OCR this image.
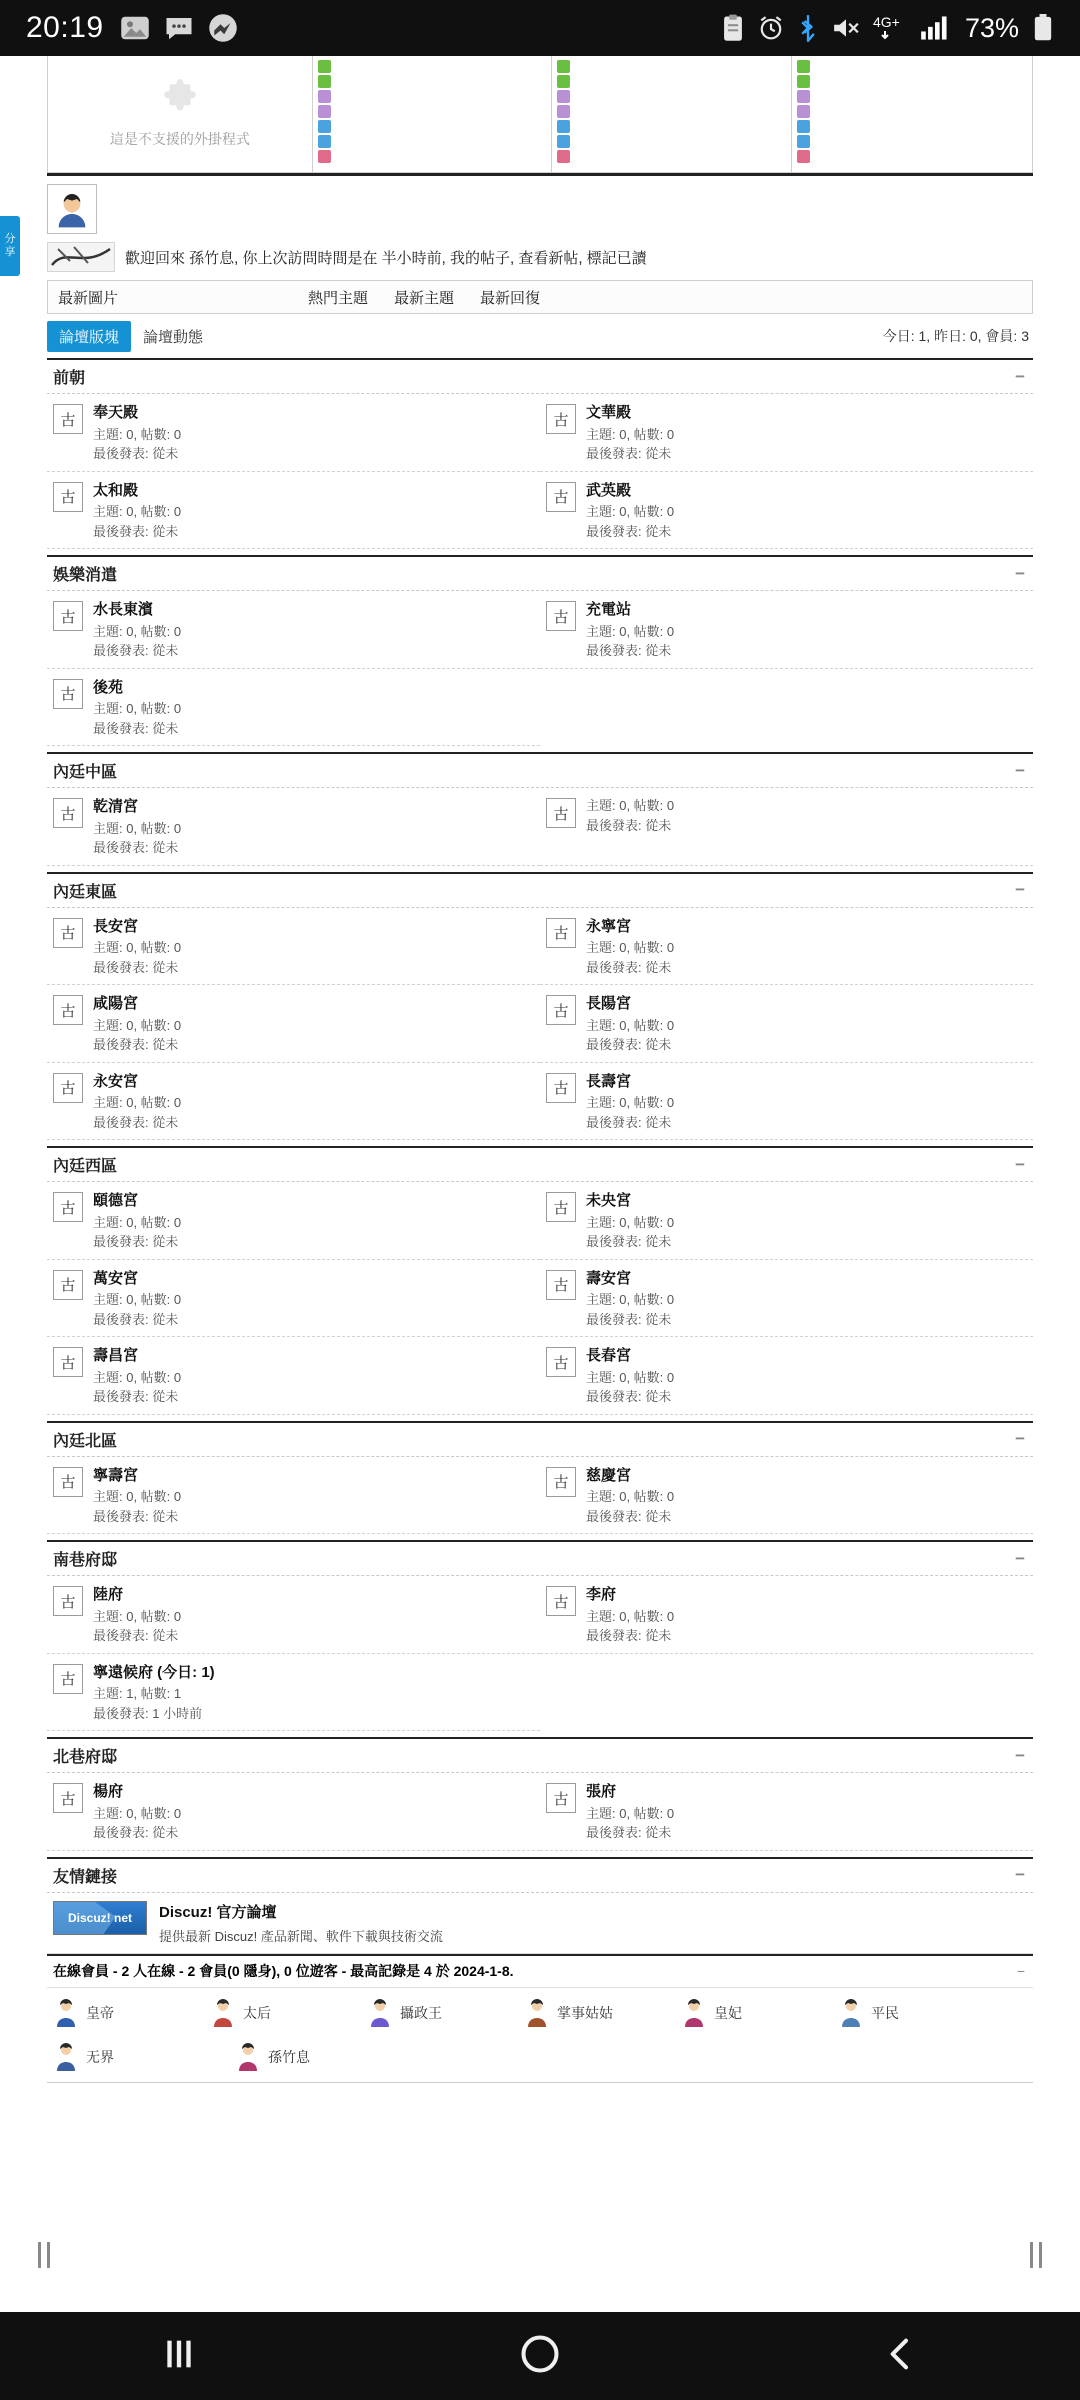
20:19	4G+ 73%
分享
這是不支援的外掛程式
歡迎回來 孫竹息, 你上次訪問時間是在 半小時前, 我的帖子, 查看新帖, 標記已讀
最新圖片	熱門主題 最新主題 最新回復
論壇版塊	論壇動態	今日: 1, 昨日: 0, 會員: 3
前朝	−
古	奉天殿
主題: 0, 帖數: 0
最後發表: 從未
古	文華殿
主題: 0, 帖數: 0
最後發表: 從未
古	太和殿
主題: 0, 帖數: 0
最後發表: 從未
古	武英殿
主題: 0, 帖數: 0
最後發表: 從未
娛樂消遣	−
古	水長東濱
主題: 0, 帖數: 0
最後發表: 從未
古	充電站
主題: 0, 帖數: 0
最後發表: 從未
古	後苑
主題: 0, 帖數: 0
最後發表: 從未
內廷中區	−
古	乾清宮
主題: 0, 帖數: 0
最後發表: 從未
古	主題: 0, 帖數: 0
最後發表: 從未
內廷東區	−
古	長安宮
主題: 0, 帖數: 0
最後發表: 從未
古	永寧宮
主題: 0, 帖數: 0
最後發表: 從未
古	咸陽宮
主題: 0, 帖數: 0
最後發表: 從未
古	長陽宮
主題: 0, 帖數: 0
最後發表: 從未
古	永安宮
主題: 0, 帖數: 0
最後發表: 從未
古	長壽宮
主題: 0, 帖數: 0
最後發表: 從未
內廷西區	−
古	頤德宮
主題: 0, 帖數: 0
最後發表: 從未
古	未央宮
主題: 0, 帖數: 0
最後發表: 從未
古	萬安宮
主題: 0, 帖數: 0
最後發表: 從未
古	壽安宮
主題: 0, 帖數: 0
最後發表: 從未
古	壽昌宮
主題: 0, 帖數: 0
最後發表: 從未
古	長春宮
主題: 0, 帖數: 0
最後發表: 從未
內廷北區	−
古	寧壽宮
主題: 0, 帖數: 0
最後發表: 從未
古	慈慶宮
主題: 0, 帖數: 0
最後發表: 從未
南巷府邸	−
古	陸府
主題: 0, 帖數: 0
最後發表: 從未
古	李府
主題: 0, 帖數: 0
最後發表: 從未
古	寧遠候府 (今日: 1)
主題: 1, 帖數: 1
最後發表: 1 小時前
北巷府邸	−
古	楊府
主題: 0, 帖數: 0
最後發表: 從未
古	張府
主題: 0, 帖數: 0
最後發表: 從未
友情鏈接	−
Discuz! net Discuz! 官方論壇
提供最新 Discuz! 產品新聞、軟件下載與技術交流
在線會員 - 2 人在線 - 2 會員(0 隱身), 0 位遊客 - 最高記錄是 4 於 2024-1-8.	−
皇帝	太后	攝政王	掌事姑姑	皇妃	平民
无界	孫竹息
